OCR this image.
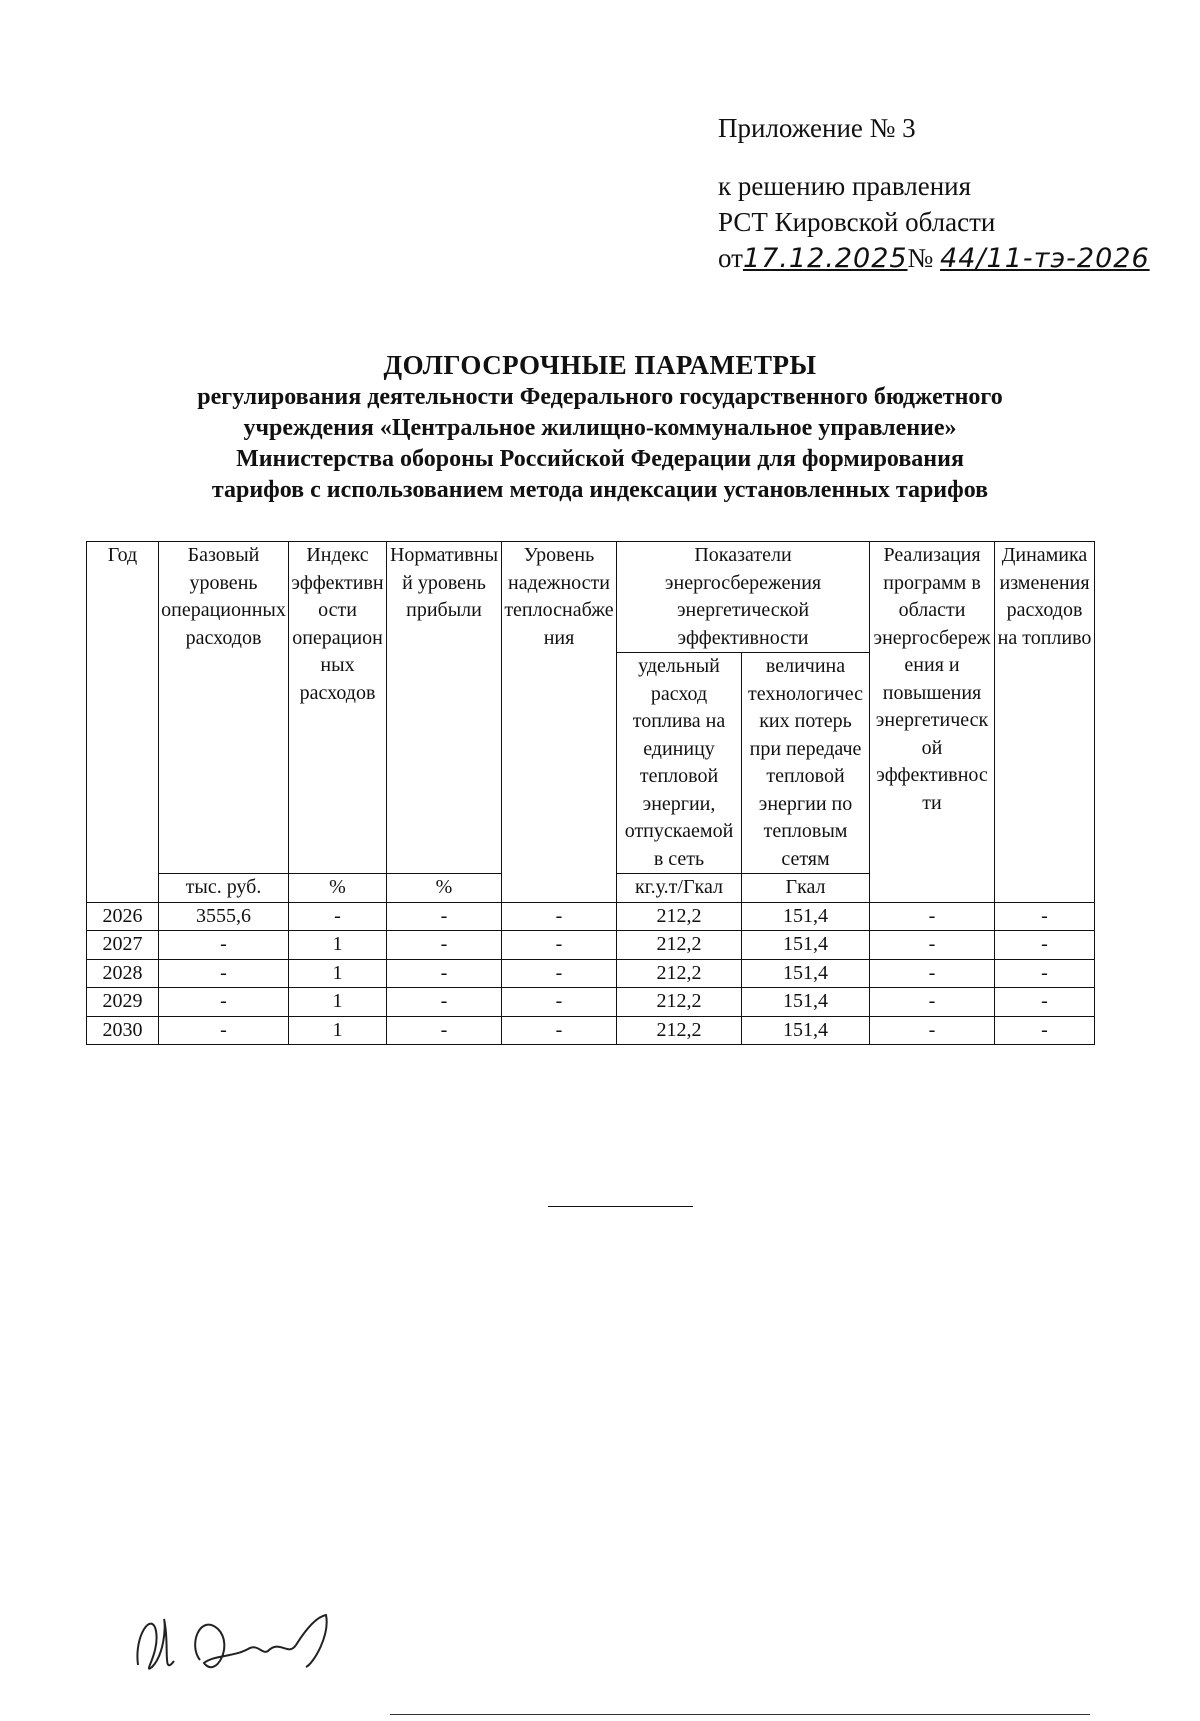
Приложение № 3
к решению правления
РСТ Кировской области
от17.12.2025№ 44/11-тэ-2026
ДОЛГОСРОЧНЫЕ ПАРАМЕТРЫ
регулирования деятельности Федерального государственного бюджетного
учреждения «Центральное жилищно-коммунальное управление»
Министерства обороны Российской Федерации для формирования
тарифов с использованием метода индексации установленных тарифов
Год	Базовый уровень операционных расходов	Индекс эффективности операционных расходов	Нормативный уровень прибыли	Уровень надежности теплоснабжения	Показатели энергосбережения энергетической эффективности		Реализация программ в области энергосбережения и повышения энергетической эффективности	Динамика изменения расходов на топливо
					удельный расход топлива на единицу тепловой энергии, отпускаемой в сеть	величина технологических потерь при передаче тепловой энергии по тепловым сетям		
	тыс. руб.	%	%		кг.у.т/Гкал	Гкал		
2026	3555,6	-	-	-	212,2	151,4	-	-
2027	-	1	-	-	212,2	151,4	-	-
2028	-	1	-	-	212,2	151,4	-	-
2029	-	1	-	-	212,2	151,4	-	-
2030	-	1	-	-	212,2	151,4	-	-
